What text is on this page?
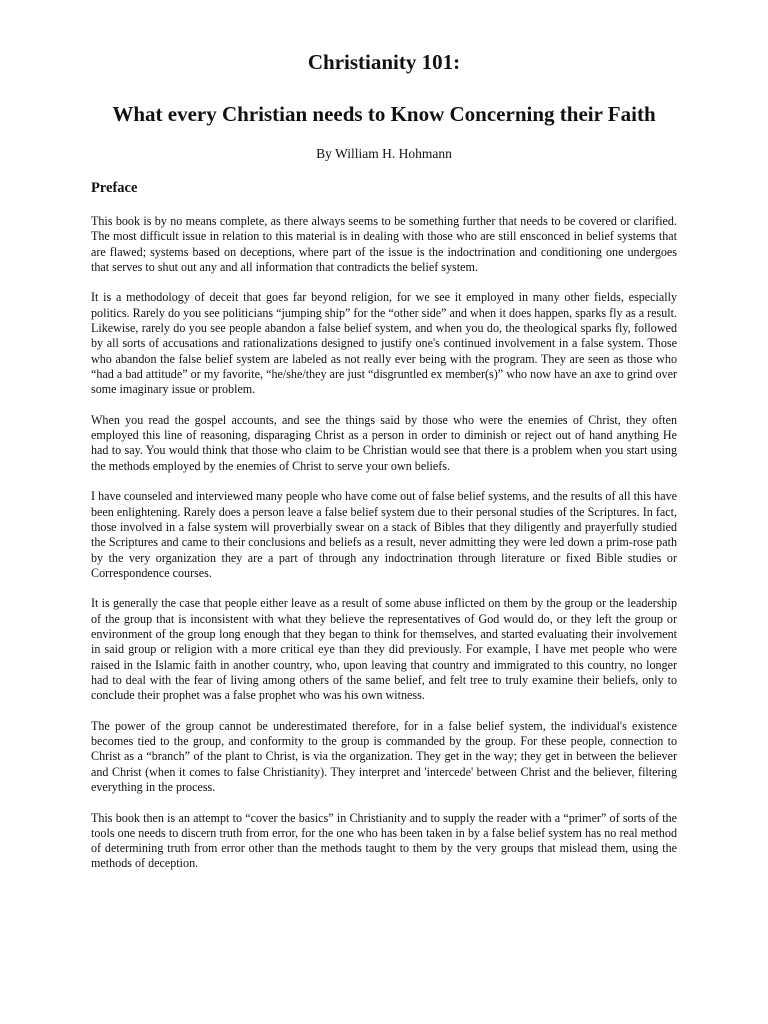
Christianity 101:
What every Christian needs to Know Concerning their Faith

By William H. Hohmann

Preface

This book is by no means complete, as there always seems to be something further that needs to be covered or clarified. The most difficult issue in relation to this material is in dealing with those who are still ensconced in belief systems that are flawed; systems based on deceptions, where part of the issue is the indoctrination and conditioning one undergoes that serves to shut out any and all information that contradicts the belief system.

It is a methodology of deceit that goes far beyond religion, for we see it employed in many other fields, especially politics. Rarely do you see politicians “jumping ship” for the “other side” and when it does happen, sparks fly as a result. Likewise, rarely do you see people abandon a false belief system, and when you do, the theological sparks fly, followed by all sorts of accusations and rationalizations designed to justify one's continued involvement in a false system. Those who abandon the false belief system are labeled as not really ever being with the program. They are seen as those who “had a bad attitude” or my favorite, “he/she/they are just “disgruntled ex member(s)” who now have an axe to grind over some imaginary issue or problem.

When you read the gospel accounts, and see the things said by those who were the enemies of Christ, they often employed this line of reasoning, disparaging Christ as a person in order to diminish or reject out of hand anything He had to say. You would think that those who claim to be Christian would see that there is a problem when you start using the methods employed by the enemies of Christ to serve your own beliefs.

I have counseled and interviewed many people who have come out of false belief systems, and the results of all this have been enlightening. Rarely does a person leave a false belief system due to their personal studies of the Scriptures. In fact, those involved in a false system will proverbially swear on a stack of Bibles that they diligently and prayerfully studied the Scriptures and came to their conclusions and beliefs as a result, never admitting they were led down a prim-rose path by the very organization they are a part of through any indoctrination through literature or fixed Bible studies or Correspondence courses.

It is generally the case that people either leave as a result of some abuse inflicted on them by the group or the leadership of the group that is inconsistent with what they believe the representatives of God would do, or they left the group or environment of the group long enough that they began to think for themselves, and started evaluating their involvement in said group or religion with a more critical eye than they did previously. For example, I have met people who were raised in the Islamic faith in another country, who, upon leaving that country and immigrated to this country, no longer had to deal with the fear of living among others of the same belief, and felt tree to truly examine their beliefs, only to conclude their prophet was a false prophet who was his own witness.

The power of the group cannot be underestimated therefore, for in a false belief system, the individual's existence becomes tied to the group, and conformity to the group is commanded by the group. For these people, connection to Christ as a “branch” of the plant to Christ, is via the organization. They get in the way; they get in between the believer and Christ (when it comes to false Christianity). They interpret and 'intercede' between Christ and the believer, filtering everything in the process.

This book then is an attempt to “cover the basics” in Christianity and to supply the reader with a “primer” of sorts of the tools one needs to discern truth from error, for the one who has been taken in by a false belief system has no real method of determining truth from error other than the methods taught to them by the very groups that mislead them, using the methods of deception.
